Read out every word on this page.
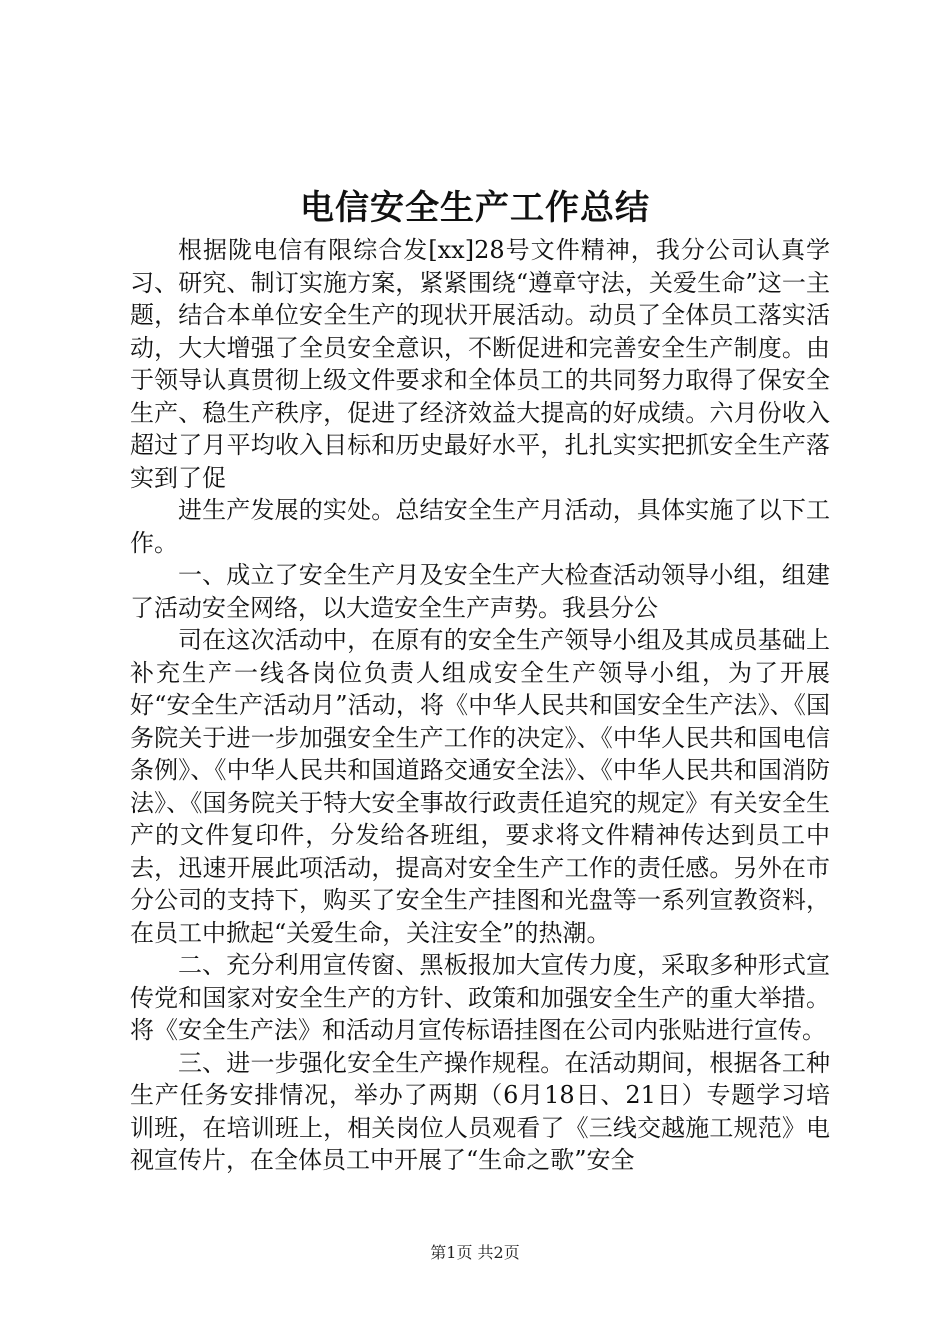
电信安全生产工作总结

根据陇电信有限综合发[xx]28号文件精神，我分公司认真学习、研究、制订实施方案，紧紧围绕“遵章守法，关爱生命”这一主题，结合本单位安全生产的现状开展活动。动员了全体员工落实活动，大大增强了全员安全意识，不断促进和完善安全生产制度。由于领导认真贯彻上级文件要求和全体员工的共同努力取得了保安全生产、稳生产秩序，促进了经济效益大提高的好成绩。六月份收入超过了月平均收入目标和历史最好水平，扎扎实实把抓安全生产落实到了促

进生产发展的实处。总结安全生产月活动，具体实施了以下工作。

一、成立了安全生产月及安全生产大检查活动领导小组，组建了活动安全网络，以大造安全生产声势。我县分公

司在这次活动中，在原有的安全生产领导小组及其成员基础上补充生产一线各岗位负责人组成安全生产领导小组，为了开展好“安全生产活动月”活动，将《中华人民共和国安全生产法》、《国务院关于进一步加强安全生产工作的决定》、《中华人民共和国电信条例》、《中华人民共和国道路交通安全法》、《中华人民共和国消防法》、《国务院关于特大安全事故行政责任追究的规定》有关安全生产的文件复印件，分发给各班组，要求将文件精神传达到员工中去，迅速开展此项活动，提高对安全生产工作的责任感。另外在市分公司的支持下，购买了安全生产挂图和光盘等一系列宣教资料，在员工中掀起“关爱生命，关注安全”的热潮。

二、充分利用宣传窗、黑板报加大宣传力度，采取多种形式宣传党和国家对安全生产的方针、政策和加强安全生产的重大举措。将《安全生产法》和活动月宣传标语挂图在公司内张贴进行宣传。

三、进一步强化安全生产操作规程。在活动期间，根据各工种生产任务安排情况，举办了两期（6月18日、21日）专题学习培训班，在培训班上，相关岗位人员观看了《三线交越施工规范》电视宣传片，在全体员工中开展了“生命之歌”安全

第1页 共2页
